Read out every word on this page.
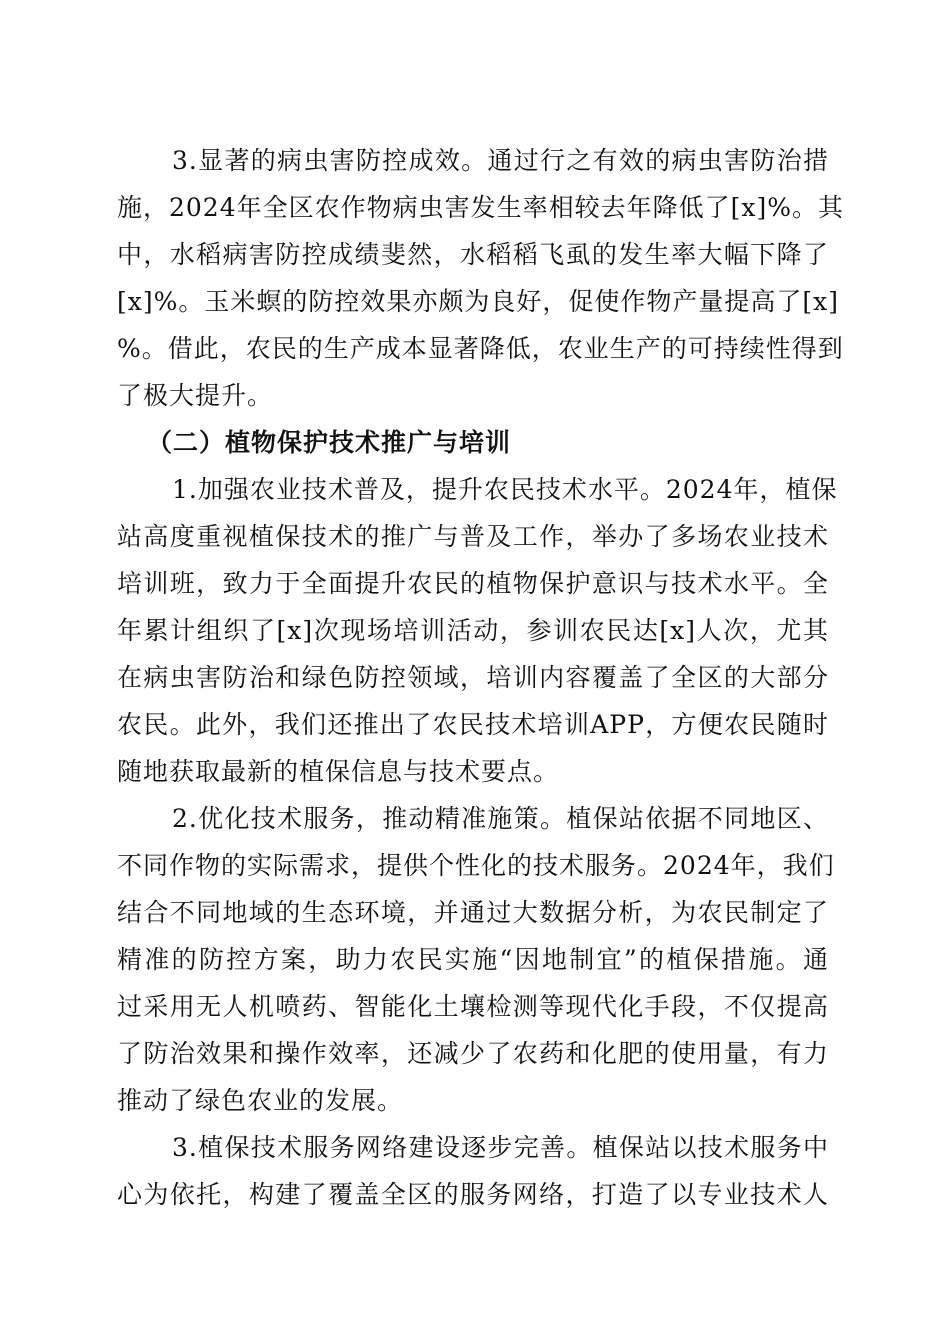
3.显著的病虫害防控成效。通过行之有效的病虫害防治措
施，2024年全区农作物病虫害发生率相较去年降低了[x]%。其
中，水稻病害防控成绩斐然，水稻稻飞虱的发生率大幅下降了
[x]%。玉米螟的防控效果亦颇为良好，促使作物产量提高了[x]
%。借此，农民的生产成本显著降低，农业生产的可持续性得到
了极大提升。
（二）植物保护技术推广与培训
1.加强农业技术普及，提升农民技术水平。2024年，植保
站高度重视植保技术的推广与普及工作，举办了多场农业技术
培训班，致力于全面提升农民的植物保护意识与技术水平。全
年累计组织了[x]次现场培训活动，参训农民达[x]人次，尤其
在病虫害防治和绿色防控领域，培训内容覆盖了全区的大部分
农民。此外，我们还推出了农民技术培训APP，方便农民随时
随地获取最新的植保信息与技术要点。
2.优化技术服务，推动精准施策。植保站依据不同地区、
不同作物的实际需求，提供个性化的技术服务。2024年，我们
结合不同地域的生态环境，并通过大数据分析，为农民制定了
精准的防控方案，助力农民实施“因地制宜”的植保措施。通
过采用无人机喷药、智能化土壤检测等现代化手段，不仅提高
了防治效果和操作效率，还减少了农药和化肥的使用量，有力
推动了绿色农业的发展。
3.植保技术服务网络建设逐步完善。植保站以技术服务中
心为依托，构建了覆盖全区的服务网络，打造了以专业技术人
